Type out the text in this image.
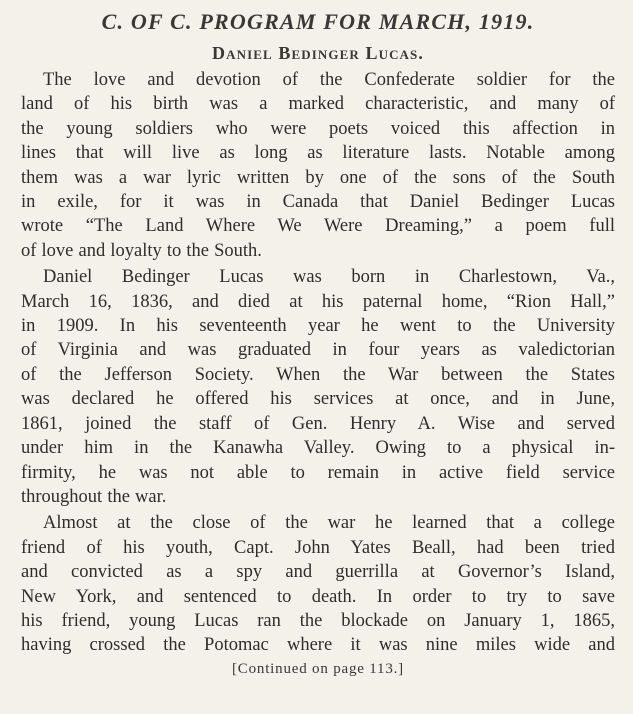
C. OF C. PROGRAM FOR MARCH, 1919.
Daniel Bedinger Lucas.
The love and devotion of the Confederate soldier for the
land of his birth was a marked characteristic, and many of
the young soldiers who were poets voiced this affection in
lines that will live as long as literature lasts. Notable among
them was a war lyric written by one of the sons of the South
in exile, for it was in Canada that Daniel Bedinger Lucas
wrote “The Land Where We Were Dreaming,” a poem full
of love and loyalty to the South.
Daniel Bedinger Lucas was born in Charlestown, Va.,
March 16, 1836, and died at his paternal home, “Rion Hall,”
in 1909. In his seventeenth year he went to the University
of Virginia and was graduated in four years as valedictorian
of the Jefferson Society. When the War between the States
was declared he offered his services at once, and in June,
1861, joined the staff of Gen. Henry A. Wise and served
under him in the Kanawha Valley. Owing to a physical in-
firmity, he was not able to remain in active field service
throughout the war.
Almost at the close of the war he learned that a college
friend of his youth, Capt. John Yates Beall, had been tried
and convicted as a spy and guerrilla at Governor’s Island,
New York, and sentenced to death. In order to try to save
his friend, young Lucas ran the blockade on January 1, 1865,
having crossed the Potomac where it was nine miles wide and
[Continued on page 113.]
